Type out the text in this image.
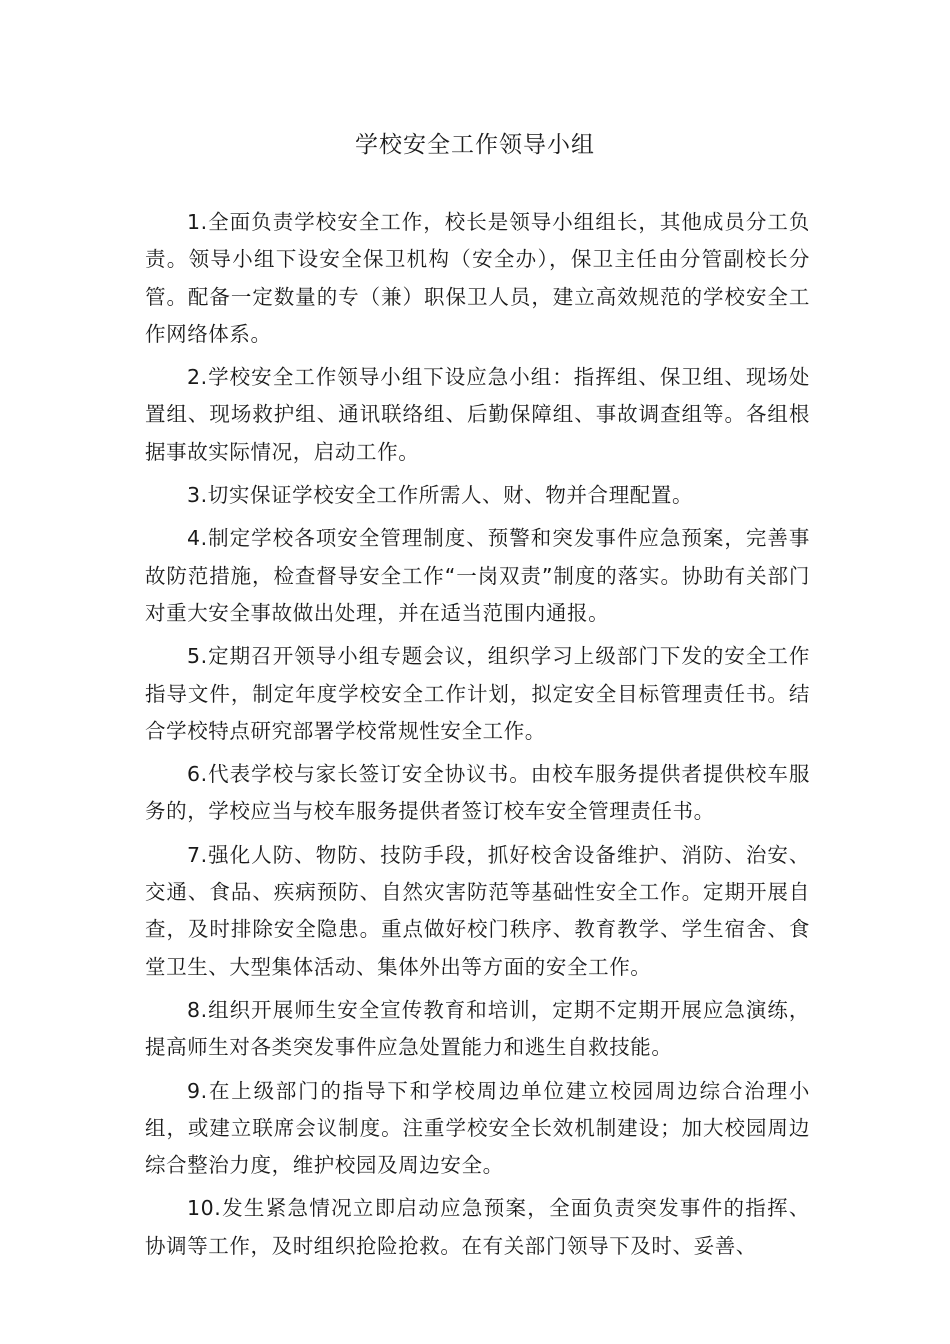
学校安全工作领导小组

1.全面负责学校安全工作，校长是领导小组组长，其他成员分工负责。领导小组下设安全保卫机构（安全办），保卫主任由分管副校长分管。配备一定数量的专（兼）职保卫人员，建立高效规范的学校安全工作网络体系。

2.学校安全工作领导小组下设应急小组：指挥组、保卫组、现场处置组、现场救护组、通讯联络组、后勤保障组、事故调查组等。各组根据事故实际情况，启动工作。

3.切实保证学校安全工作所需人、财、物并合理配置。

4.制定学校各项安全管理制度、预警和突发事件应急预案，完善事故防范措施，检查督导安全工作“一岗双责”制度的落实。协助有关部门对重大安全事故做出处理，并在适当范围内通报。

5.定期召开领导小组专题会议，组织学习上级部门下发的安全工作指导文件，制定年度学校安全工作计划，拟定安全目标管理责任书。结合学校特点研究部署学校常规性安全工作。

6.代表学校与家长签订安全协议书。由校车服务提供者提供校车服务的，学校应当与校车服务提供者签订校车安全管理责任书。

7.强化人防、物防、技防手段，抓好校舍设备维护、消防、治安、交通、食品、疾病预防、自然灾害防范等基础性安全工作。定期开展自查，及时排除安全隐患。重点做好校门秩序、教育教学、学生宿舍、食堂卫生、大型集体活动、集体外出等方面的安全工作。

8.组织开展师生安全宣传教育和培训，定期不定期开展应急演练，提高师生对各类突发事件应急处置能力和逃生自救技能。

9.在上级部门的指导下和学校周边单位建立校园周边综合治理小组，或建立联席会议制度。注重学校安全长效机制建设；加大校园周边综合整治力度，维护校园及周边安全。

10.发生紧急情况立即启动应急预案，全面负责突发事件的指挥、协调等工作，及时组织抢险抢救。在有关部门领导下及时、妥善、
